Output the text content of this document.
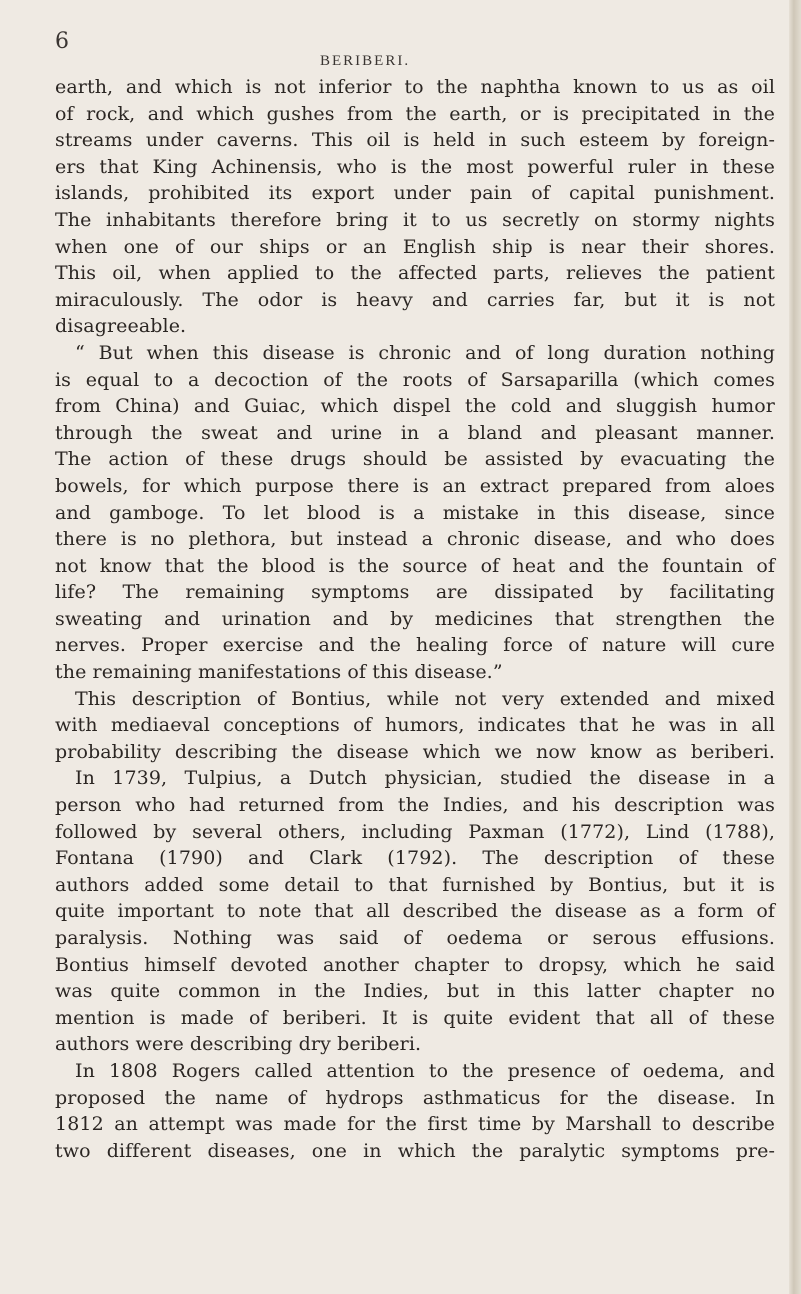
6
BERIBERI.
earth, and which is not inferior to the naphtha known to us as oil
of rock, and which gushes from the earth, or is precipitated in the
streams under caverns. This oil is held in such esteem by foreign-
ers that King Achinensis, who is the most powerful ruler in these
islands, prohibited its export under pain of capital punishment.
The inhabitants therefore bring it to us secretly on stormy nights
when one of our ships or an English ship is near their shores.
This oil, when applied to the affected parts, relieves the patient
miraculously. The odor is heavy and carries far, but it is not
disagreeable.
“ But when this disease is chronic and of long duration nothing
is equal to a decoction of the roots of Sarsaparilla (which comes
from China) and Guiac, which dispel the cold and sluggish humor
through the sweat and urine in a bland and pleasant manner.
The action of these drugs should be assisted by evacuating the
bowels, for which purpose there is an extract prepared from aloes
and gamboge. To let blood is a mistake in this disease, since
there is no plethora, but instead a chronic disease, and who does
not know that the blood is the source of heat and the fountain of
life? The remaining symptoms are dissipated by facilitating
sweating and urination and by medicines that strengthen the
nerves. Proper exercise and the healing force of nature will cure
the remaining manifestations of this disease.”
This description of Bontius, while not very extended and mixed
with mediaeval conceptions of humors, indicates that he was in all
probability describing the disease which we now know as beriberi.
In 1739, Tulpius, a Dutch physician, studied the disease in a
person who had returned from the Indies, and his description was
followed by several others, including Paxman (1772), Lind (1788),
Fontana (1790) and Clark (1792). The description of these
authors added some detail to that furnished by Bontius, but it is
quite important to note that all described the disease as a form of
paralysis. Nothing was said of oedema or serous effusions.
Bontius himself devoted another chapter to dropsy, which he said
was quite common in the Indies, but in this latter chapter no
mention is made of beriberi. It is quite evident that all of these
authors were describing dry beriberi.
In 1808 Rogers called attention to the presence of oedema, and
proposed the name of hydrops asthmaticus for the disease. In
1812 an attempt was made for the first time by Marshall to describe
two different diseases, one in which the paralytic symptoms pre-
